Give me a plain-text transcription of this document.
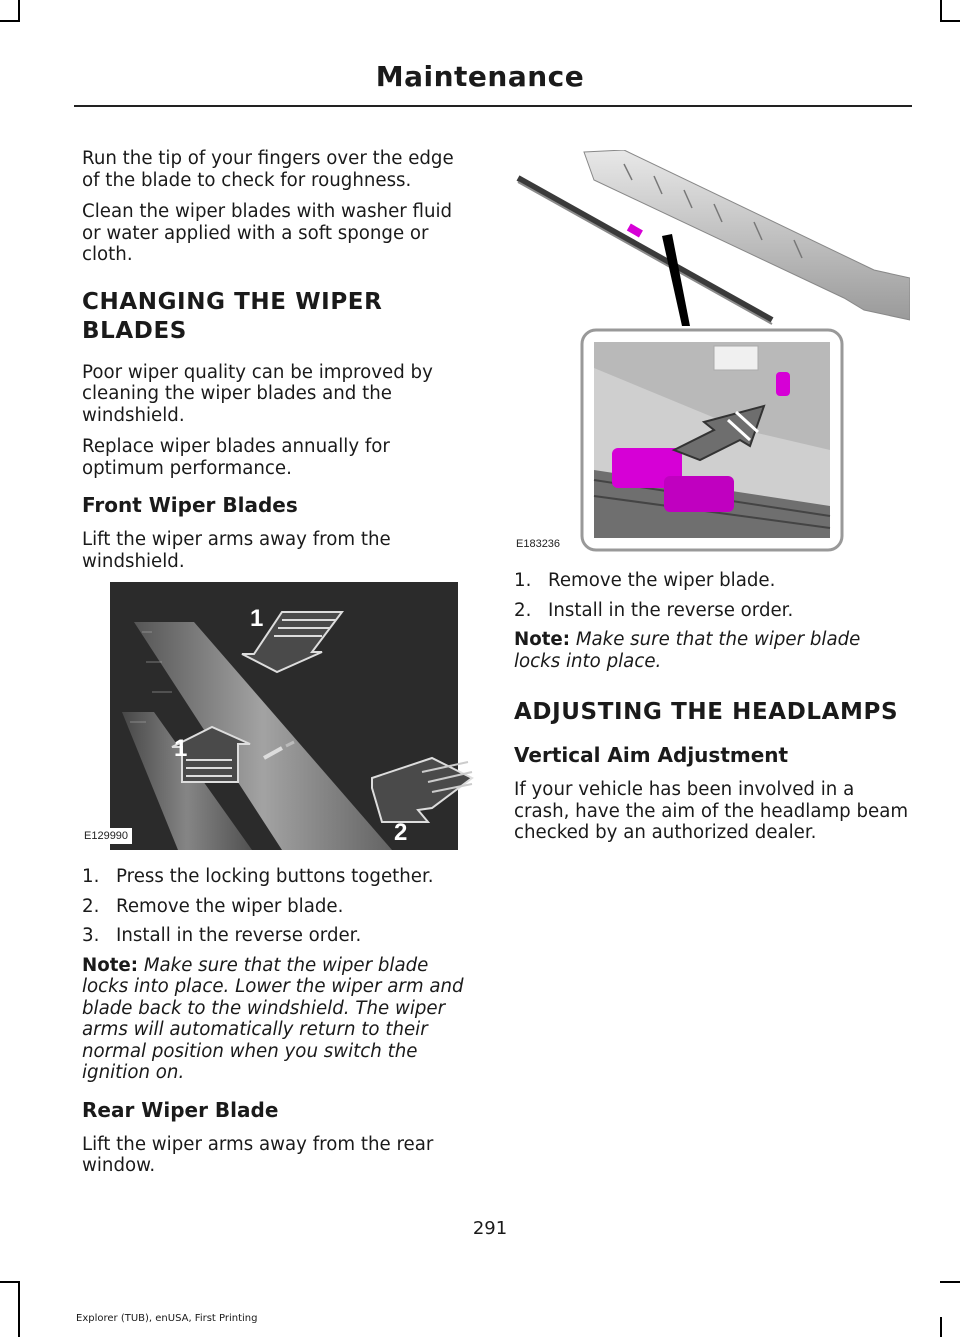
Maintenance

Run the tip of your fingers over the edge of the blade to check for roughness.

Clean the wiper blades with washer fluid or water applied with a soft sponge or cloth.

CHANGING THE WIPER
BLADES

Poor wiper quality can be improved by cleaning the wiper blades and the windshield.

Replace wiper blades annually for optimum performance.

Front Wiper Blades

Lift the wiper arms away from the windshield.

1
1
2
E129990
1. Press the locking buttons together.
2. Remove the wiper blade.
3. Install in the reverse order.
Note: Make sure that the wiper blade locks into place. Lower the wiper arm and blade back to the windshield. The wiper arms will automatically return to their normal position when you switch the ignition on.
Rear Wiper Blade

Lift the wiper arms away from the rear window.

E183236
1. Remove the wiper blade.
2. Install in the reverse order.
Note: Make sure that the wiper blade locks into place.
ADJUSTING THE HEADLAMPS
Vertical Aim Adjustment

If your vehicle has been involved in a crash, have the aim of the headlamp beam checked by an authorized dealer.

291
Explorer (TUB), enUSA, First Printing
